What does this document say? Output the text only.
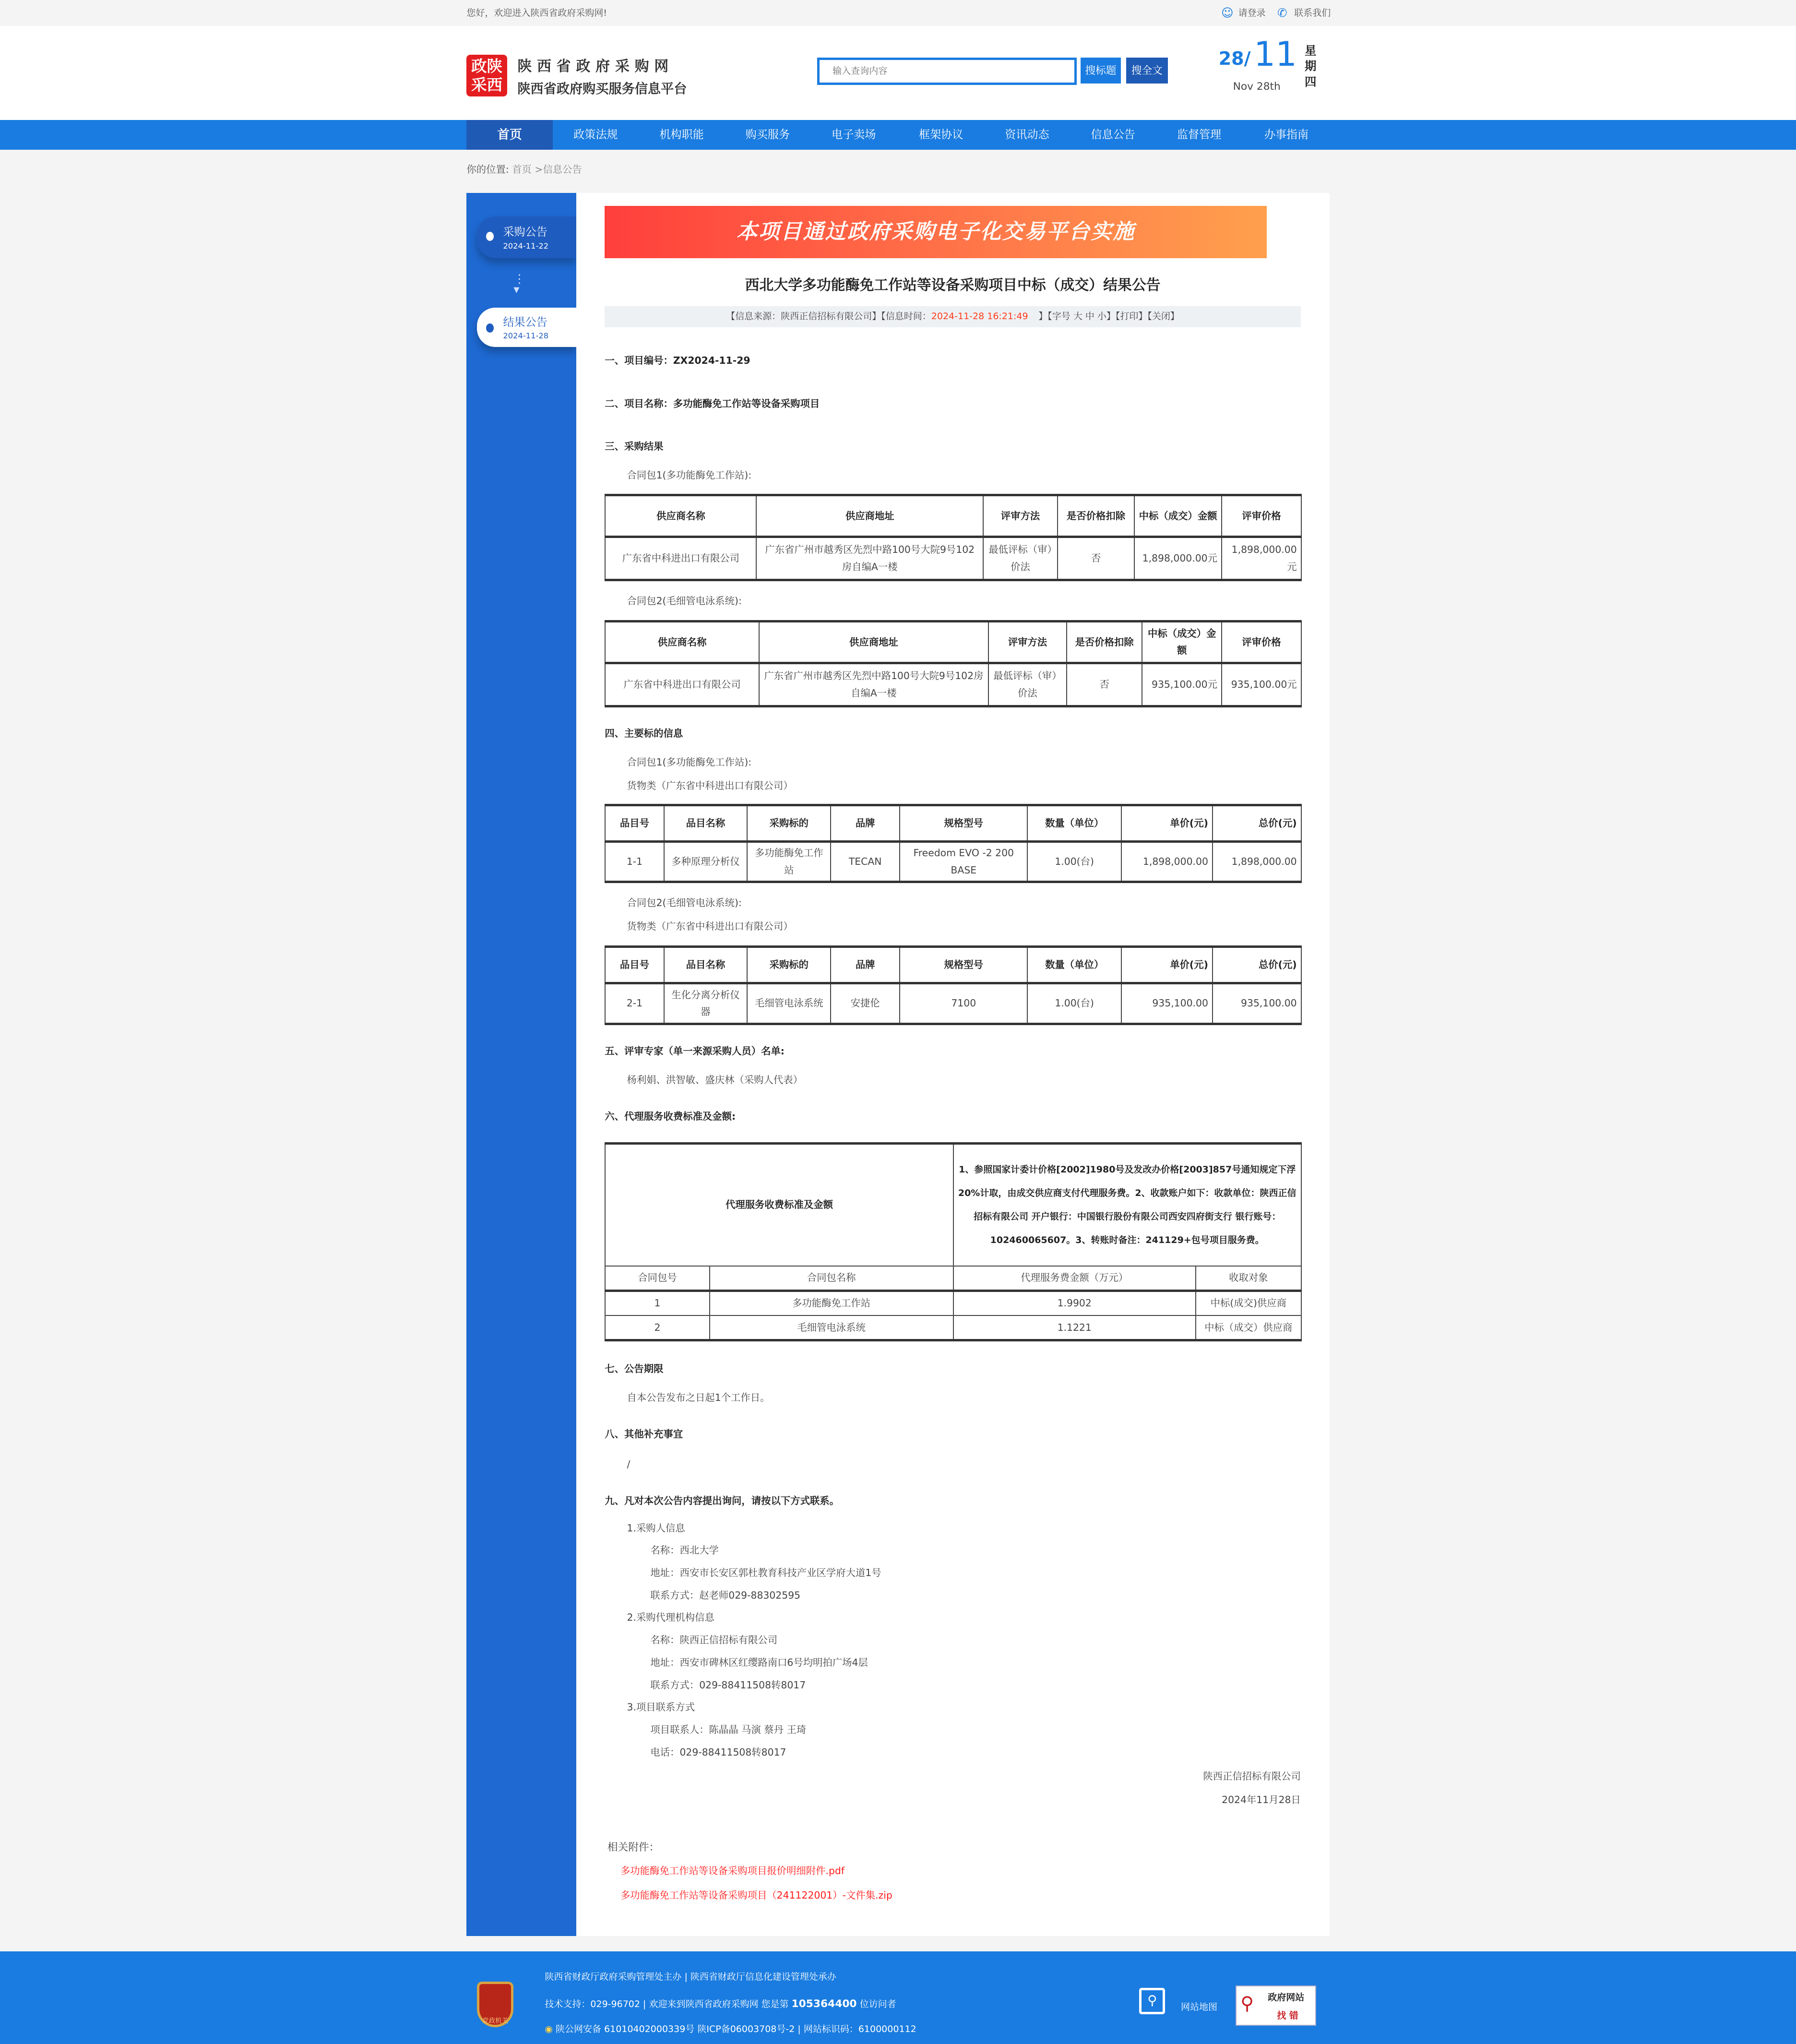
您好，欢迎进入陕西省政府采购网!	☺ 请登录	✆ 联系我们
政陕
采西
陕西省政府采购网
陕西省政府购买服务信息平台
输入查询内容
搜标题	搜全文
28/ 11
Nov 28th
星
期
四
首页	政策法规	机构职能	购买服务	电子卖场	框架协议	资讯动态	信息公告	监督管理	办事指南
你的位置: 首页 >信息公告
采购公告
2024-11-22
⋮
▾
结果公告
2024-11-28
本项目通过政府采购电子化交易平台实施
西北大学多功能酶免工作站等设备采购项目中标（成交）结果公告
【信息来源：陕西正信招标有限公司】【信息时间：2024-11-28 16:21:49	】【字号 大 中 小】【打印】【关闭】
一、项目编号：ZX2024-11-29
二、项目名称：多功能酶免工作站等设备采购项目
三、采购结果
合同包1(多功能酶免工作站):
供应商名称	供应商地址	评审方法	是否价格扣除	中标（成交）金额	评审价格
广东省中科进出口有限公司	广东省广州市越秀区先烈中路100号大院9号102房自编A一楼	最低评标（审）价法	否	1,898,000.00元	1,898,000.00元
合同包2(毛细管电泳系统):
供应商名称	供应商地址	评审方法	是否价格扣除	中标（成交）金额	评审价格
广东省中科进出口有限公司	广东省广州市越秀区先烈中路100号大院9号102房自编A一楼	最低评标（审）价法	否	935,100.00元	935,100.00元
四、主要标的信息
合同包1(多功能酶免工作站):
货物类（广东省中科进出口有限公司）
品目号	品目名称	采购标的	品牌	规格型号	数量（单位）	单价(元)	总价(元)
1-1	多种原理分析仪	多功能酶免工作站	TECAN	Freedom EVO -2 200 BASE	1.00(台)	1,898,000.00	1,898,000.00
合同包2(毛细管电泳系统):
货物类（广东省中科进出口有限公司）
品目号	品目名称	采购标的	品牌	规格型号	数量（单位）	单价(元)	总价(元)
2-1	生化分离分析仪器	毛细管电泳系统	安捷伦	7100	1.00(台)	935,100.00	935,100.00
五、评审专家（单一来源采购人员）名单:
杨利娟、洪智敏、盛庆林（采购人代表）
六、代理服务收费标准及金额:
代理服务收费标准及金额		1、参照国家计委计价格[2002]1980号及发改办价格[2003]857号通知规定下浮20%计取，由成交供应商支付代理服务费。2、收款账户如下：收款单位：陕西正信招标有限公司 开户银行：中国银行股份有限公司西安四府街支行 银行账号：102460065607。3、转账时备注：241129+包号项目服务费。	
合同包号	合同包名称	代理服务费金额（万元）	收取对象
1	多功能酶免工作站	1.9902	中标(成交)供应商
2	毛细管电泳系统	1.1221	中标（成交）供应商
七、公告期限
自本公告发布之日起1个工作日。
八、其他补充事宜
/
九、凡对本次公告内容提出询问，请按以下方式联系。
1.采购人信息
名称：西北大学
地址：西安市长安区郭杜教育科技产业区学府大道1号
联系方式：赵老师029-88302595
2.采购代理机构信息
名称：陕西正信招标有限公司
地址：西安市碑林区红缨路南口6号均明拍广场4层
联系方式：029-88411508转8017
3.项目联系方式
项目联系人：陈晶晶 马演 蔡丹 王琦
电话：029-88411508转8017
陕西正信招标有限公司
2024年11月28日
相关附件：
多功能酶免工作站等设备采购项目报价明细附件.pdf
多功能酶免工作站等设备采购项目（241122001）-文件集.zip
党政机关
陕西省财政厅政府采购管理处主办 | 陕西省财政厅信息化建设管理处承办
技术支持：029-96702 | 欢迎来到陕西省政府采购网 您是第 105364400 位访问者
◉ 陕公网安备 61010402000339号 陕ICP备06003708号-2 | 网站标识码：6100000112
⚲	网站地图	⚲	政府网站
找 错
